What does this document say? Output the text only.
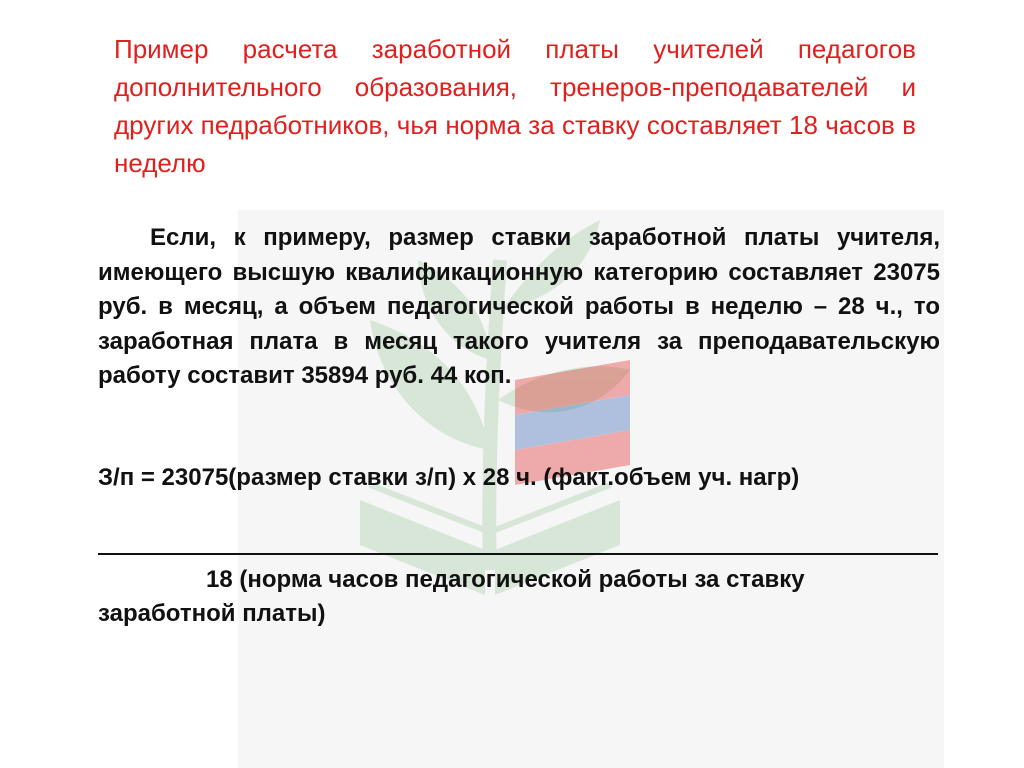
Пример расчета заработной платы учителей педагогов дополнительного образования, тренеров-преподавателей и других педработников, чья норма за ставку составляет 18 часов в неделю

Если, к примеру, размер ставки заработной платы учителя, имеющего высшую квалификационную категорию составляет 23075 руб. в месяц, а объем педагогической работы в неделю – 28 ч., то заработная плата в месяц такого учителя за преподавательскую работу составит 35894 руб. 44 коп.

З/п = 23075(размер ставки з/п) х 28 ч. (факт.объем уч. нагр)

18 (норма часов педагогической работы за ставку заработной платы)
